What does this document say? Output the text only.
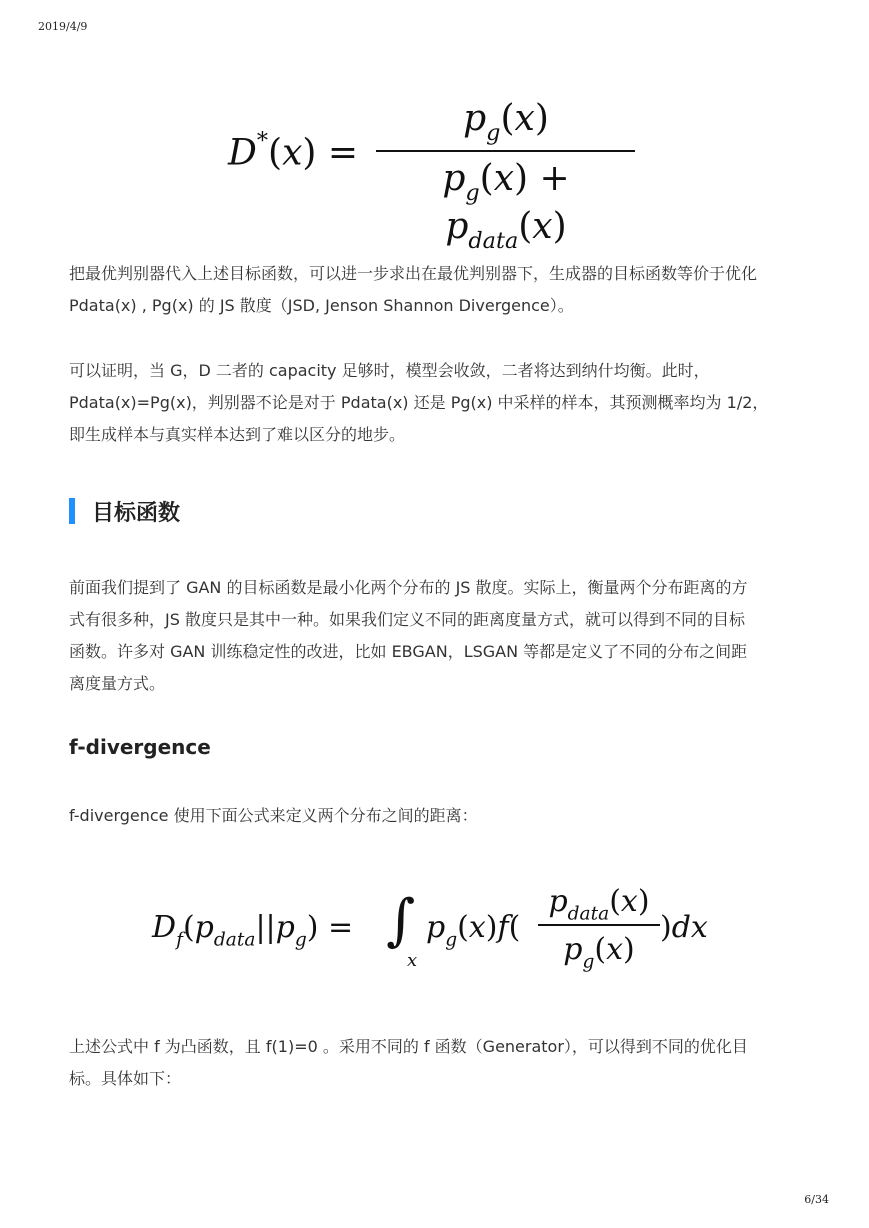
2019/4/9
D*(x) =
$p_g(x)$
$p_g(x) + p_{data}(x)$

把最优判别器代入上述目标函数，可以进一步求出在最优判别器下，生成器的目标函数等价于优化
Pdata(x) , Pg(x) 的 JS 散度（JSD, Jenson Shannon Divergence）。

可以证明，当 G，D 二者的 capacity 足够时，模型会收敛，二者将达到纳什均衡。此时，
Pdata(x)=Pg(x)，判别器不论是对于 Pdata(x) 还是 Pg(x) 中采样的样本，其预测概率均为 1/2，
即生成样本与真实样本达到了难以区分的地步。

目标函数

前面我们提到了 GAN 的目标函数是最小化两个分布的 JS 散度。实际上，衡量两个分布距离的方
式有很多种，JS 散度只是其中一种。如果我们定义不同的距离度量方式，就可以得到不同的目标
函数。许多对 GAN 训练稳定性的改进，比如 EBGAN，LSGAN 等都是定义了不同的分布之间距
离度量方式。

f-divergence

f-divergence 使用下面公式来定义两个分布之间的距离：

$D_f(p_{data}||p_g)$ = ∫
x
$p_g(x)f$(
$p_{data}(x)$
$p_g(x)$
)dx

上述公式中 f 为凸函数，且 f(1)=0 。采用不同的 f 函数（Generator），可以得到不同的优化目
标。具体如下：

6/34
